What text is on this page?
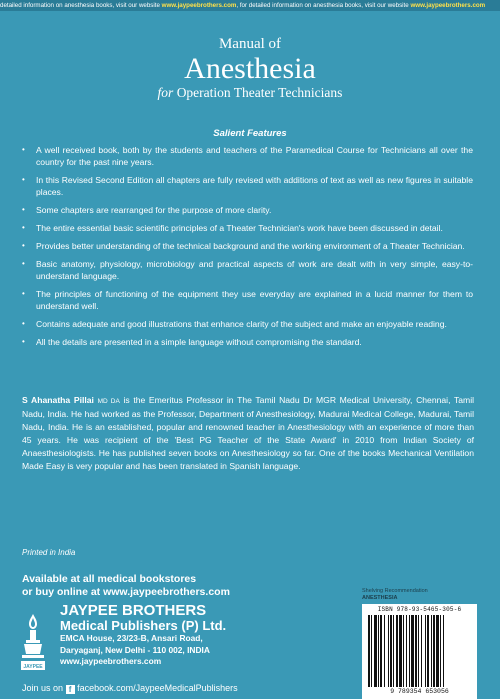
detailed information on anesthesia books, visit our website www.jaypeebrothers.com, for detailed information on anesthesia books, visit our website www.jaypeebrothers.com
Manual of
Anesthesia
for Operation Theater Technicians
Salient Features
• A well received book, both by the students and teachers of the Paramedical Course for Technicians all over the country for the past nine years.
• In this Revised Second Edition all chapters are fully revised with additions of text as well as new figures in suitable places.
• Some chapters are rearranged for the purpose of more clarity.
• The entire essential basic scientific principles of a Theater Technician's work have been discussed in detail.
• Provides better understanding of the technical background and the working environment of a Theater Technician.
• Basic anatomy, physiology, microbiology and practical aspects of work are dealt with in very simple, easy-to-understand language.
• The principles of functioning of the equipment they use everyday are explained in a lucid manner for them to understand well.
• Contains adequate and good illustrations that enhance clarity of the subject and make an enjoyable reading.
• All the details are presented in a simple language without compromising the standard.
S Ahanatha Pillai MD DA is the Emeritus Professor in The Tamil Nadu Dr MGR Medical University, Chennai, Tamil Nadu, India. He had worked as the Professor, Department of Anesthesiology, Madurai Medical College, Madurai, Tamil Nadu, India. He is an established, popular and renowned teacher in Anesthesiology with an experience of more than 45 years. He was recipient of the 'Best PG Teacher of the State Award' in 2010 from Indian Society of Anaesthesiologists. He has published seven books on Anesthesiology so far. One of the books Mechanical Ventilation Made Easy is very popular and has been translated in Spanish language.
Printed in India
Available at all medical bookstores
or buy online at www.jaypeebrothers.com
JAYPEE
JAYPEE BROTHERS
Medical Publishers (P) Ltd.
EMCA House, 23/23-B, Ansari Road,
Daryaganj, New Delhi - 110 002, INDIA
www.jaypeebrothers.com
Join us on f facebook.com/JaypeeMedicalPublishers
Shelving Recommendation
ANESTHESIA
ISBN 978-93-5465-305-6
9 789354 653056
